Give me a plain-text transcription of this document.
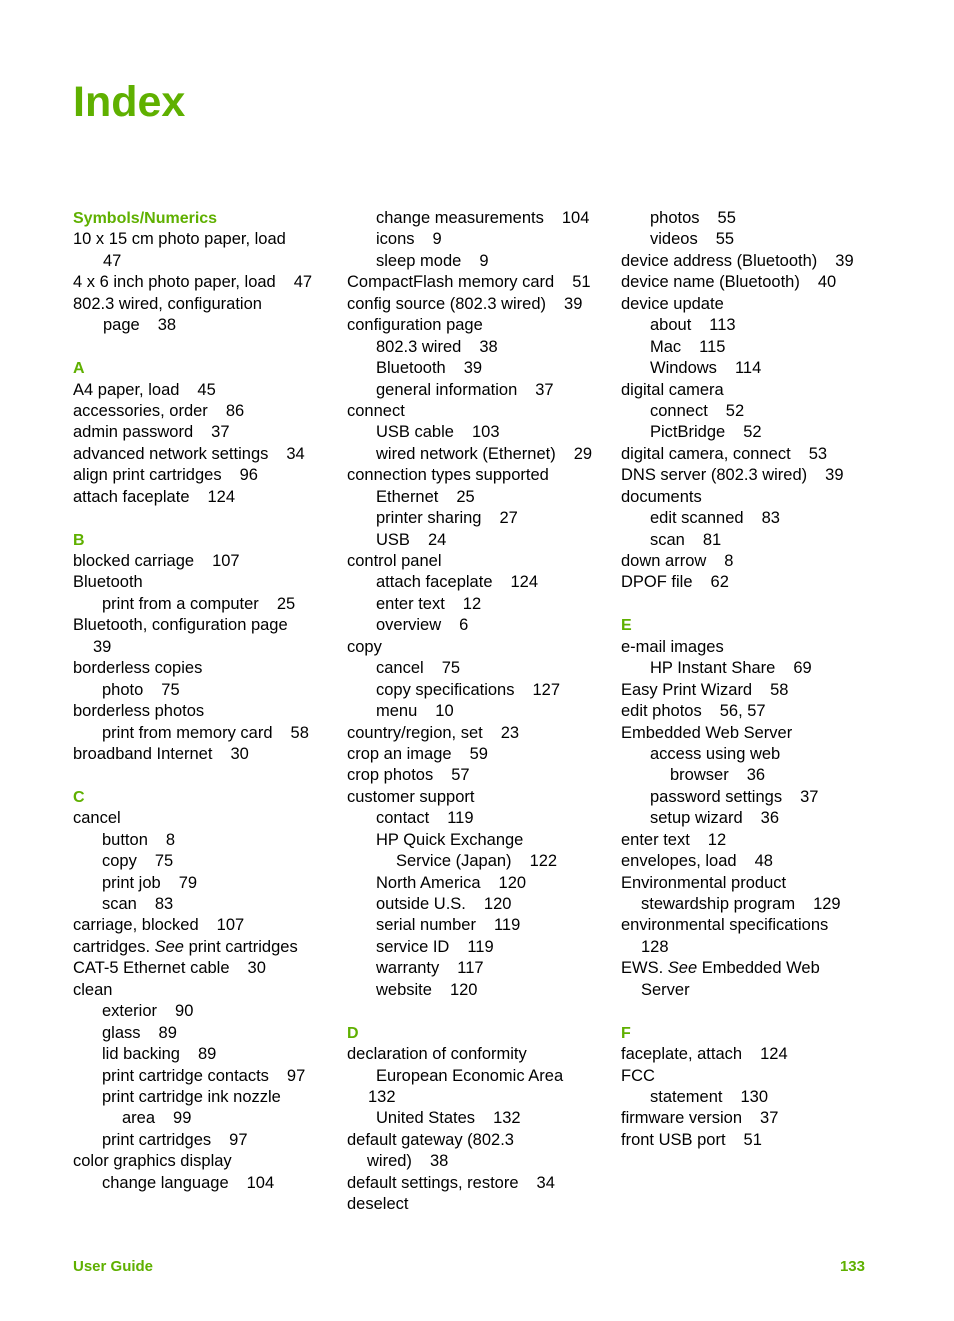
Index
Symbols/Numerics
10 x 15 cm photo paper, load
47
4 x 6 inch photo paper, load 47
802.3 wired, configuration
page 38
A
A4 paper, load 45
accessories, order 86
admin password 37
advanced network settings 34
align print cartridges 96
attach faceplate 124
B
blocked carriage 107
Bluetooth
print from a computer 25
Bluetooth, configuration page
39
borderless copies
photo 75
borderless photos
print from memory card 58
broadband Internet 30
C
cancel
button 8
copy 75
print job 79
scan 83
carriage, blocked 107
cartridges. See print cartridges
CAT-5 Ethernet cable 30
clean
exterior 90
glass 89
lid backing 89
print cartridge contacts 97
print cartridge ink nozzle
area 99
print cartridges 97
color graphics display
change language 104
change measurements 104
icons 9
sleep mode 9
CompactFlash memory card 51
config source (802.3 wired) 39
configuration page
802.3 wired 38
Bluetooth 39
general information 37
connect
USB cable 103
wired network (Ethernet) 29
connection types supported
Ethernet 25
printer sharing 27
USB 24
control panel
attach faceplate 124
enter text 12
overview 6
copy
cancel 75
copy specifications 127
menu 10
country/region, set 23
crop an image 59
crop photos 57
customer support
contact 119
HP Quick Exchange
Service (Japan) 122
North America 120
outside U.S. 120
serial number 119
service ID 119
warranty 117
website 120
D
declaration of conformity
European Economic Area
132
United States 132
default gateway (802.3
wired) 38
default settings, restore 34
deselect
photos 55
videos 55
device address (Bluetooth) 39
device name (Bluetooth) 40
device update
about 113
Mac 115
Windows 114
digital camera
connect 52
PictBridge 52
digital camera, connect 53
DNS server (802.3 wired) 39
documents
edit scanned 83
scan 81
down arrow 8
DPOF file 62
E
e-mail images
HP Instant Share 69
Easy Print Wizard 58
edit photos 56, 57
Embedded Web Server
access using web
browser 36
password settings 37
setup wizard 36
enter text 12
envelopes, load 48
Environmental product
stewardship program 129
environmental specifications
128
EWS. See Embedded Web
Server
F
faceplate, attach 124
FCC
statement 130
firmware version 37
front USB port 51
User Guide	133
